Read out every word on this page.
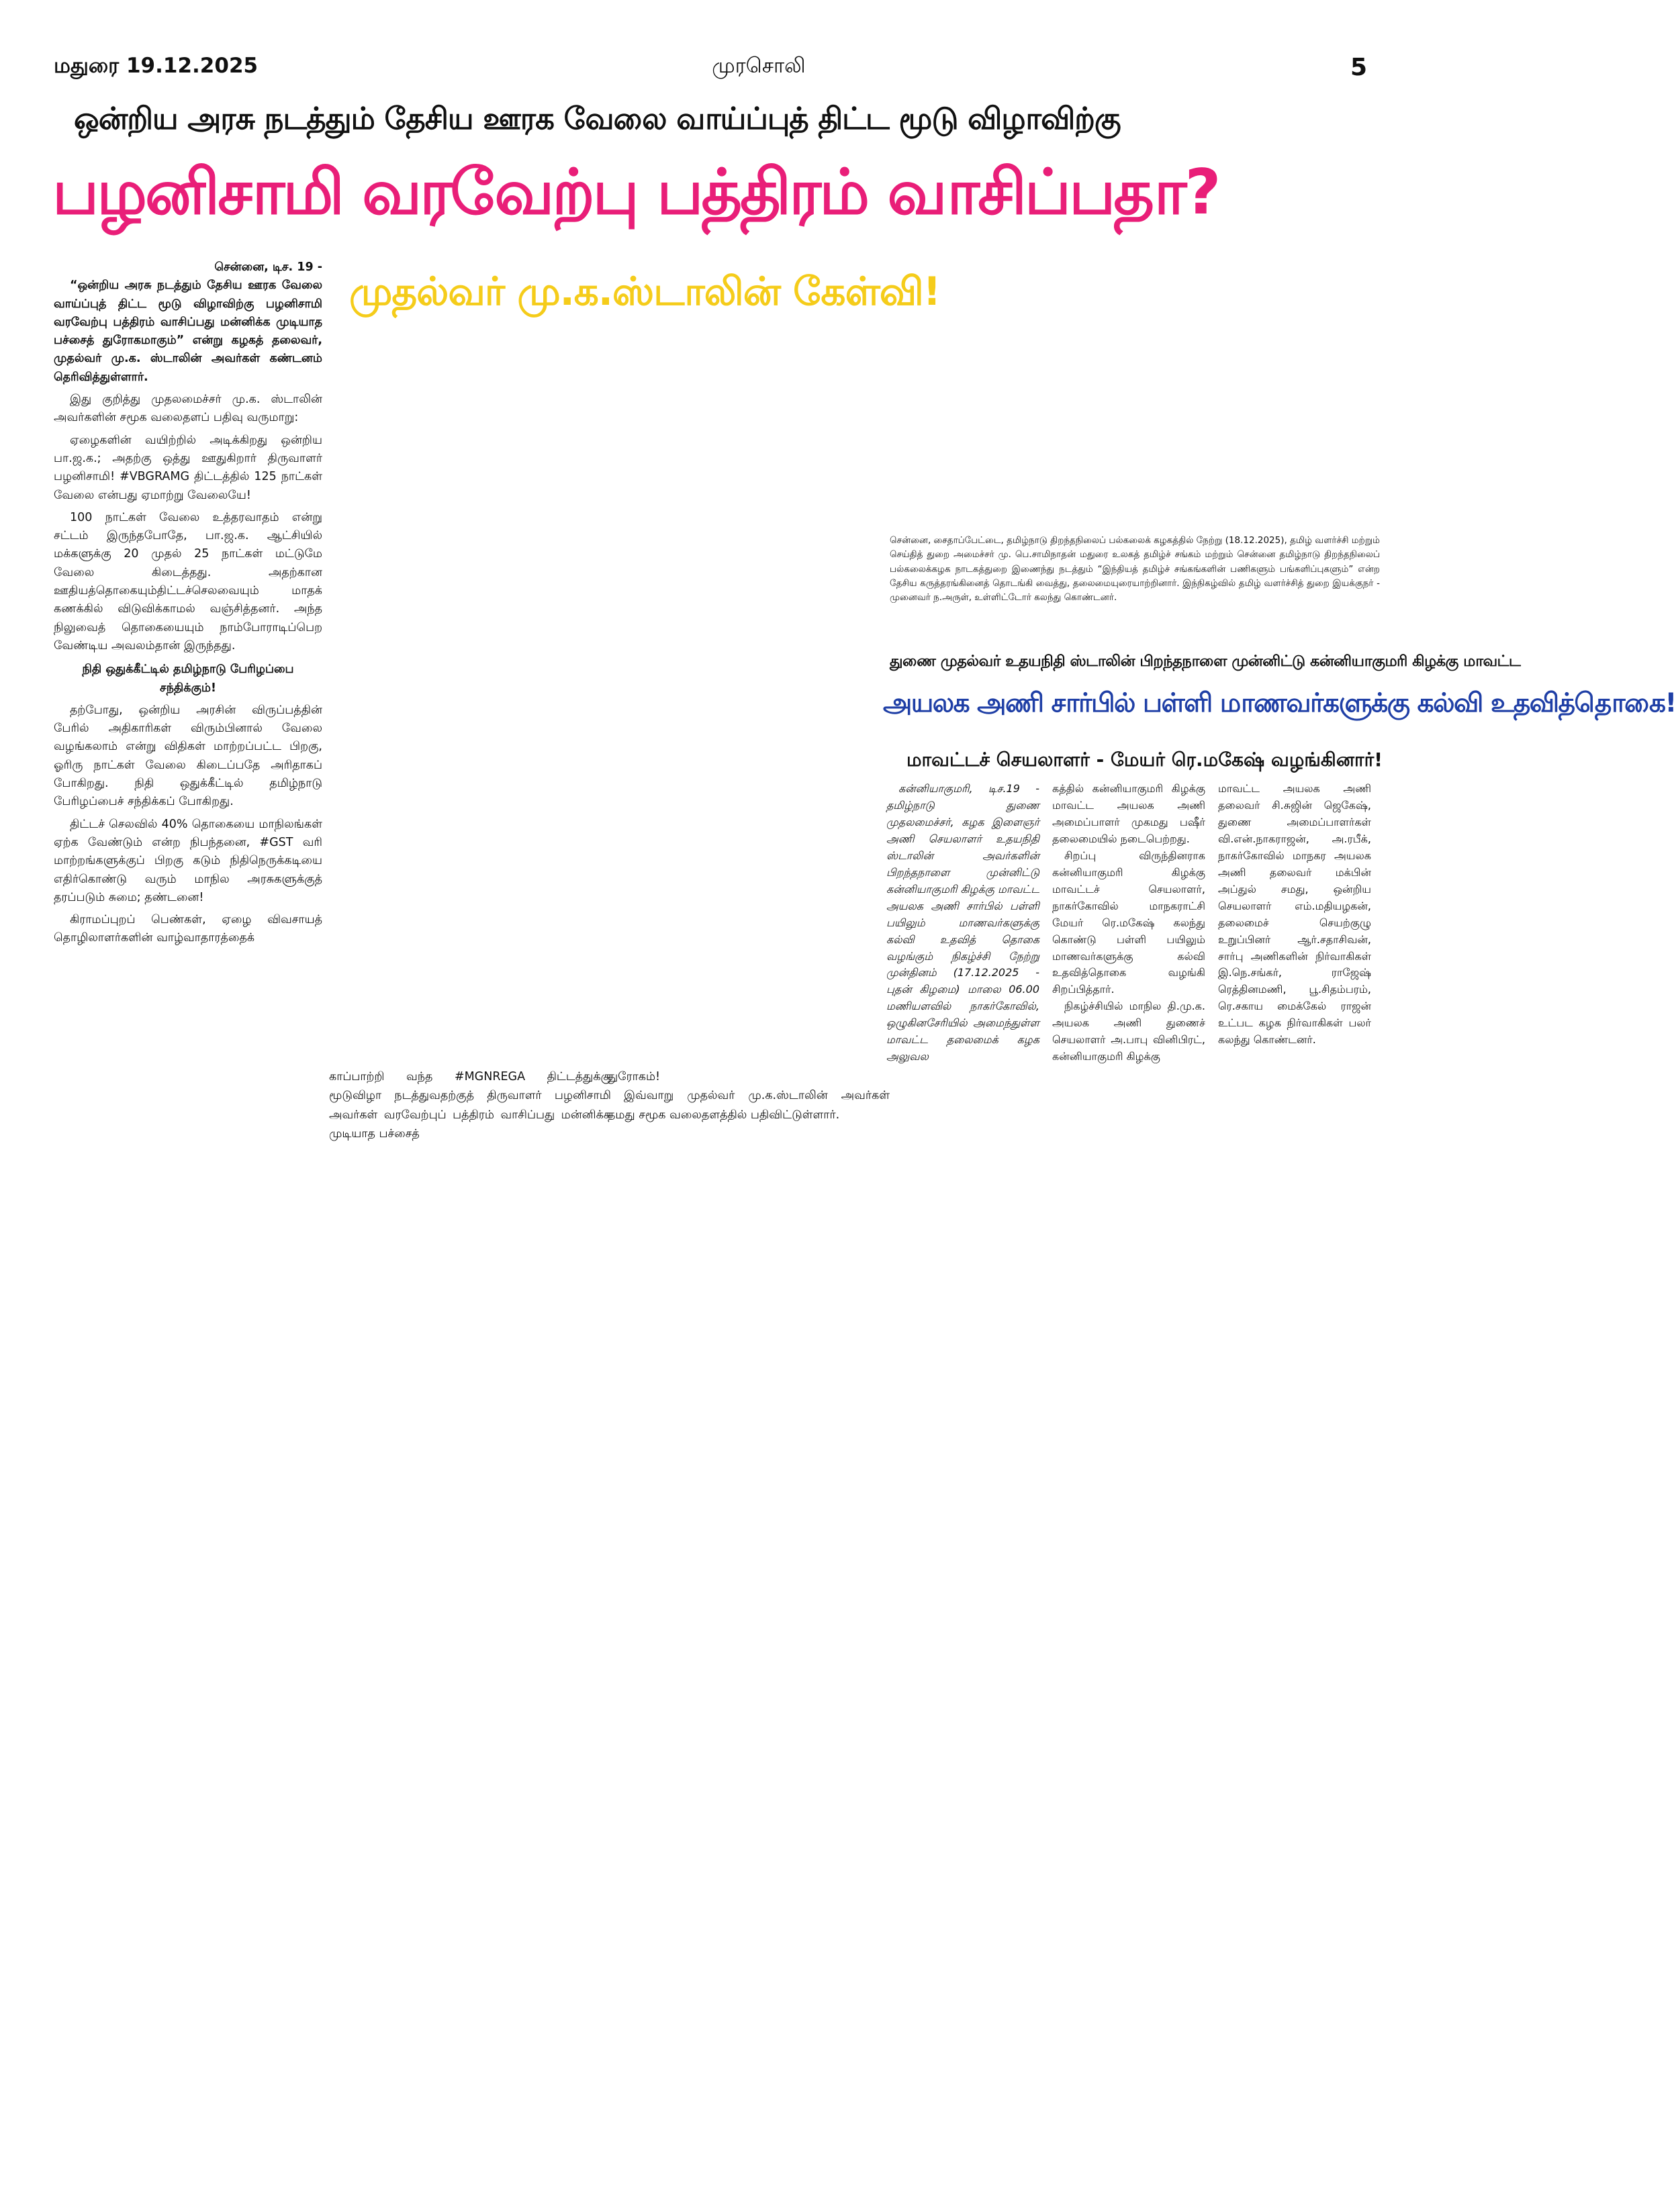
மதுரை 19.12.2025	முரசொலி	5
ஒன்றிய அரசு நடத்தும் தேசிய ஊரக வேலை வாய்ப்புத் திட்ட மூடு விழாவிற்கு
பழனிசாமி வரவேற்பு பத்திரம் வாசிப்பதா?
முதல்வர் மு.க.ஸ்டாலின் கேள்வி!

சென்னை, டிச. 19 -

“ஒன்றிய அரசு நடத்தும் தேசிய ஊரக வேலை வாய்ப்புத் திட்ட மூடு விழாவிற்கு பழனிசாமி வரவேற்பு பத்திரம் வாசிப்பது மன்னிக்க முடியாத பச்சைத் துரோகமாகும்” என்று கழகத் தலைவர், முதல்வர் மு.க. ஸ்டாலின் அவர்கள் கண்டனம் தெரிவித்துள்ளார்.

இது குறித்து முதலமைச்சர் மு.க. ஸ்டாலின் அவர்களின் சமூக வலைதளப் பதிவு வருமாறு:

ஏழைகளின் வயிற்றில் அடிக்கிறது ஒன்றிய பா.ஜ.க.; அதற்கு ஒத்து ஊதுகிறார் திருவாளர் பழனிசாமி! #VBGRAMG திட்டத்தில் 125 நாட்கள் வேலை என்பது ஏமாற்று வேலையே!

100 நாட்கள் வேலை உத்தரவாதம் என்று சட்டம் இருந்தபோதே, பா.ஜ.க. ஆட்சியில் மக்களுக்கு 20 முதல் 25 நாட்கள் மட்டுமே வேலை கிடைத்தது. அதற்கான ஊதியத்தொகையும்திட்டச்செலவையும் மாதக் கணக்கில் விடுவிக்காமல் வஞ்சித்தனர். அந்த நிலுவைத் தொகையையும் நாம்போராடிப்பெற வேண்டிய அவலம்தான் இருந்தது.

நிதி ஒதுக்கீட்டில் தமிழ்நாடு பேரிழப்பை சந்திக்கும்!

தற்போது, ஒன்றிய அரசின் விருப்பத்தின் பேரில் அதிகாரிகள் விரும்பினால் வேலை வழங்கலாம் என்று விதிகள் மாற்றப்பட்ட பிறகு, ஓரிரு நாட்கள் வேலை கிடைப்பதே அரிதாகப் போகிறது. நிதி ஒதுக்கீட்டில் தமிழ்நாடு பேரிழப்பைச் சந்திக்கப் போகிறது.

திட்டச் செலவில் 40% தொகையை மாநிலங்கள் ஏற்க வேண்டும் என்ற நிபந்தனை, #GST வரி மாற்றங்களுக்குப் பிறகு கடும் நிதிநெருக்கடியை எதிர்கொண்டு வரும் மாநில அரசுகளுக்குத் தரப்படும் சுமை; தண்டனை!

கிராமப்புறப் பெண்கள், ஏழை விவசாயத் தொழிலாளர்களின் வாழ்வாதாரத்தைக்

காப்பாற்றி வந்த #MGNREGA திட்டத்துக்கு மூடுவிழா நடத்துவதற்குத் திருவாளர் பழனிசாமி அவர்கள் வரவேற்புப் பத்திரம் வாசிப்பது மன்னிக்க முடியாத பச்சைத்

துரோகம்!

இவ்வாறு முதல்வர் மு.க.ஸ்டாலின் அவர்கள் தமது சமூக வலைதளத்தில் பதிவிட்டுள்ளார்.

சென்னை, சைதாப்பேட்டை, தமிழ்நாடு திறந்தநிலைப் பல்கலைக் கழகத்தில் நேற்று (18.12.2025), தமிழ் வளர்ச்சி மற்றும் செய்தித் துறை அமைச்சர் மு. பெ.சாமிநாதன் மதுரை உலகத் தமிழ்ச் சங்கம் மற்றும் சென்னை தமிழ்நாடு திறந்தநிலைப் பல்கலைக்கழக நாடகத்துறை இணைந்து நடத்தும் “இந்தியத் தமிழ்ச் சங்கங்களின் பணிகளும் பங்களிப்புகளும்” என்ற தேசிய கருத்தரங்கினைத் தொடங்கி வைத்து, தலைமையுரையாற்றினார். இந்நிகழ்வில் தமிழ் வளர்ச்சித் துறை இயக்குநர் - முனைவர் ந.அருள், உள்ளிட்டோர் கலந்து கொண்டனர்.
துணை முதல்வர் உதயநிதி ஸ்டாலின் பிறந்தநாளை முன்னிட்டு கன்னியாகுமரி கிழக்கு மாவட்ட
அயலக அணி சார்பில் பள்ளி மாணவர்களுக்கு கல்வி உதவித்தொகை!
மாவட்டச் செயலாளர் - மேயர் ரெ.மகேஷ் வழங்கினார்!

கன்னியாகுமரி, டிச.19 - தமிழ்நாடு துணை முதலமைச்சர், கழக இளைஞர் அணி செயலாளர் உதயநிதி ஸ்டாலின் அவர்களின் பிறந்தநாளை முன்னிட்டு கன்னியாகுமரி கிழக்கு மாவட்ட அயலக அணி சார்பில் பள்ளி பயிலும் மாணவர்களுக்கு கல்வி உதவித் தொகை வழங்கும் நிகழ்ச்சி நேற்று முன்தினம் (17.12.2025 - புதன் கிழமை) மாலை 06.00 மணியளவில் நாகர்கோவில், ஒழுகினசேரியில் அமைந்துள்ள மாவட்ட தலைமைக் கழக அலுவல

கத்தில் கன்னியாகுமரி கிழக்கு மாவட்ட அயலக அணி அமைப்பாளர் முகமது பஷீர் தலைமையில் நடைபெற்றது.

சிறப்பு விருந்தினராக கன்னியாகுமரி கிழக்கு மாவட்டச் செயலாளர், நாகர்கோவில் மாநகராட்சி மேயர் ரெ.மகேஷ் கலந்து கொண்டு பள்ளி பயிலும் மாணவர்களுக்கு கல்வி உதவித்தொகை வழங்கி சிறப்பித்தார்.

நிகழ்ச்சியில் மாநில தி.மு.க. அயலக அணி துணைச் செயலாளர் அ.பாபு வினிபிரட், கன்னியாகுமரி கிழக்கு

மாவட்ட அயலக அணி தலைவர் சி.சுஜின் ஜெகேஷ், துணை அமைப்பாளர்கள் வி.என்.நாகராஜன், அ.ரபீக், நாகர்கோவில் மாநகர அயலக அணி தலைவர் மக்பின் அப்துல் சமது, ஒன்றிய செயலாளர் எம்.மதியழகன், தலைமைச் செயற்குழு உறுப்பினர் ஆர்.சதாசிவன், சார்பு அணிகளின் நிர்வாகிகள் இ.நெ.சங்கர், ராஜேஷ் ரெத்தினமணி, பூ.சிதம்பரம், ரெ.சகாய மைக்கேல் ராஜன் உட்பட கழக நிர்வாகிகள் பலர் கலந்து கொண்டனர்.
